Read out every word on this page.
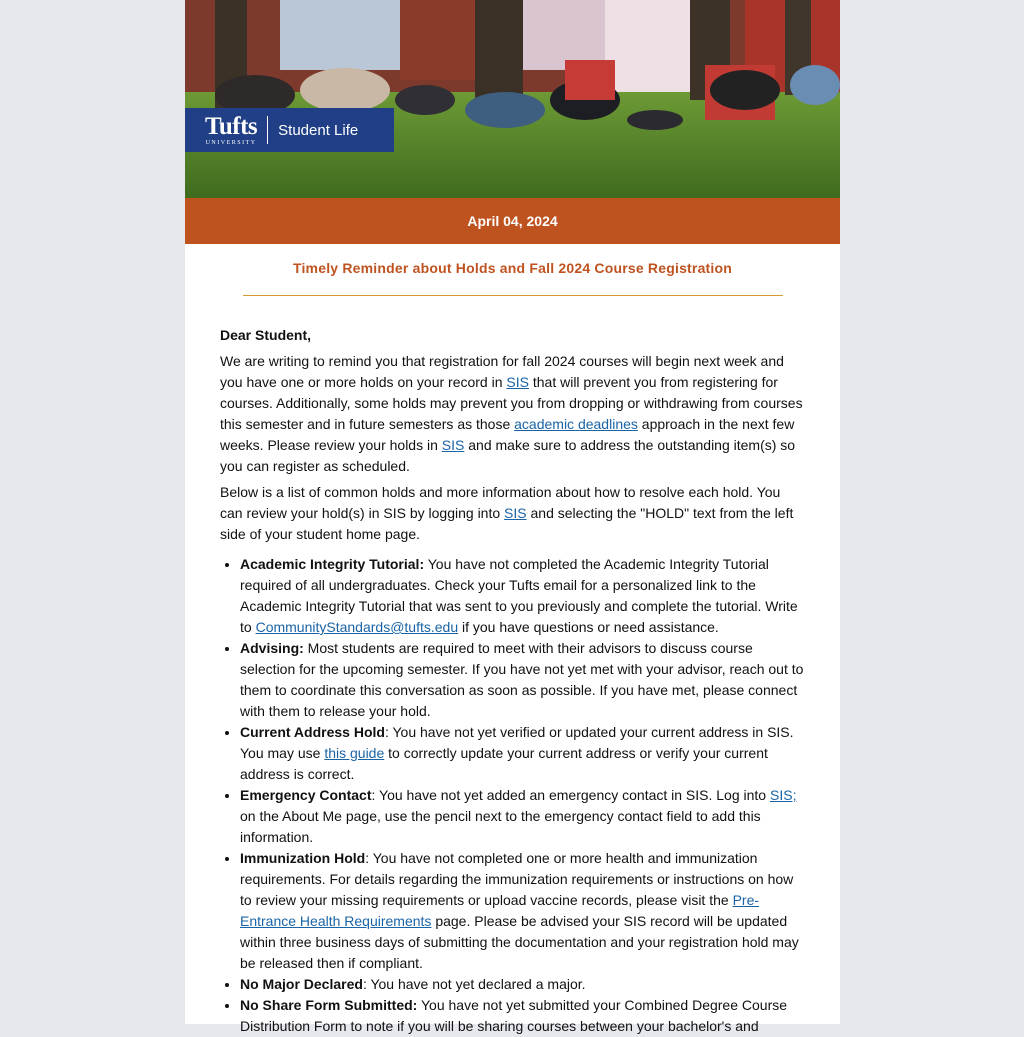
Tufts
UNIVERSITY
Student Life
April 04, 2024
Timely Reminder about Holds and Fall 2024 Course Registration

Dear Student,

We are writing to remind you that registration for fall 2024 courses will begin next week and you have one or more holds on your record in SIS that will prevent you from registering for courses. Additionally, some holds may prevent you from dropping or withdrawing from courses this semester and in future semesters as those academic deadlines approach in the next few weeks. Please review your holds in SIS and make sure to address the outstanding item(s) so you can register as scheduled.

Below is a list of common holds and more information about how to resolve each hold. You can review your hold(s) in SIS by logging into SIS and selecting the "HOLD" text from the left side of your student home page.

• Academic Integrity Tutorial: You have not completed the Academic Integrity Tutorial required of all undergraduates. Check your Tufts email for a personalized link to the Academic Integrity Tutorial that was sent to you previously and complete the tutorial. Write to CommunityStandards@tufts.edu if you have questions or need assistance.
• Advising: Most students are required to meet with their advisors to discuss course selection for the upcoming semester. If you have not yet met with your advisor, reach out to them to coordinate this conversation as soon as possible. If you have met, please connect with them to release your hold.
• Current Address Hold: You have not yet verified or updated your current address in SIS. You may use this guide to correctly update your current address or verify your current address is correct.
• Emergency Contact: You have not yet added an emergency contact in SIS. Log into SIS; on the About Me page, use the pencil next to the emergency contact field to add this information.
• Immunization Hold: You have not completed one or more health and immunization requirements. For details regarding the immunization requirements or instructions on how to review your missing requirements or upload vaccine records, please visit the Pre-Entrance Health Requirements page. Please be advised your SIS record will be updated within three business days of submitting the documentation and your registration hold may be released then if compliant.
• No Major Declared: You have not yet declared a major.
• No Share Form Submitted: You have not yet submitted your Combined Degree Course Distribution Form to note if you will be sharing courses between your bachelor's and
